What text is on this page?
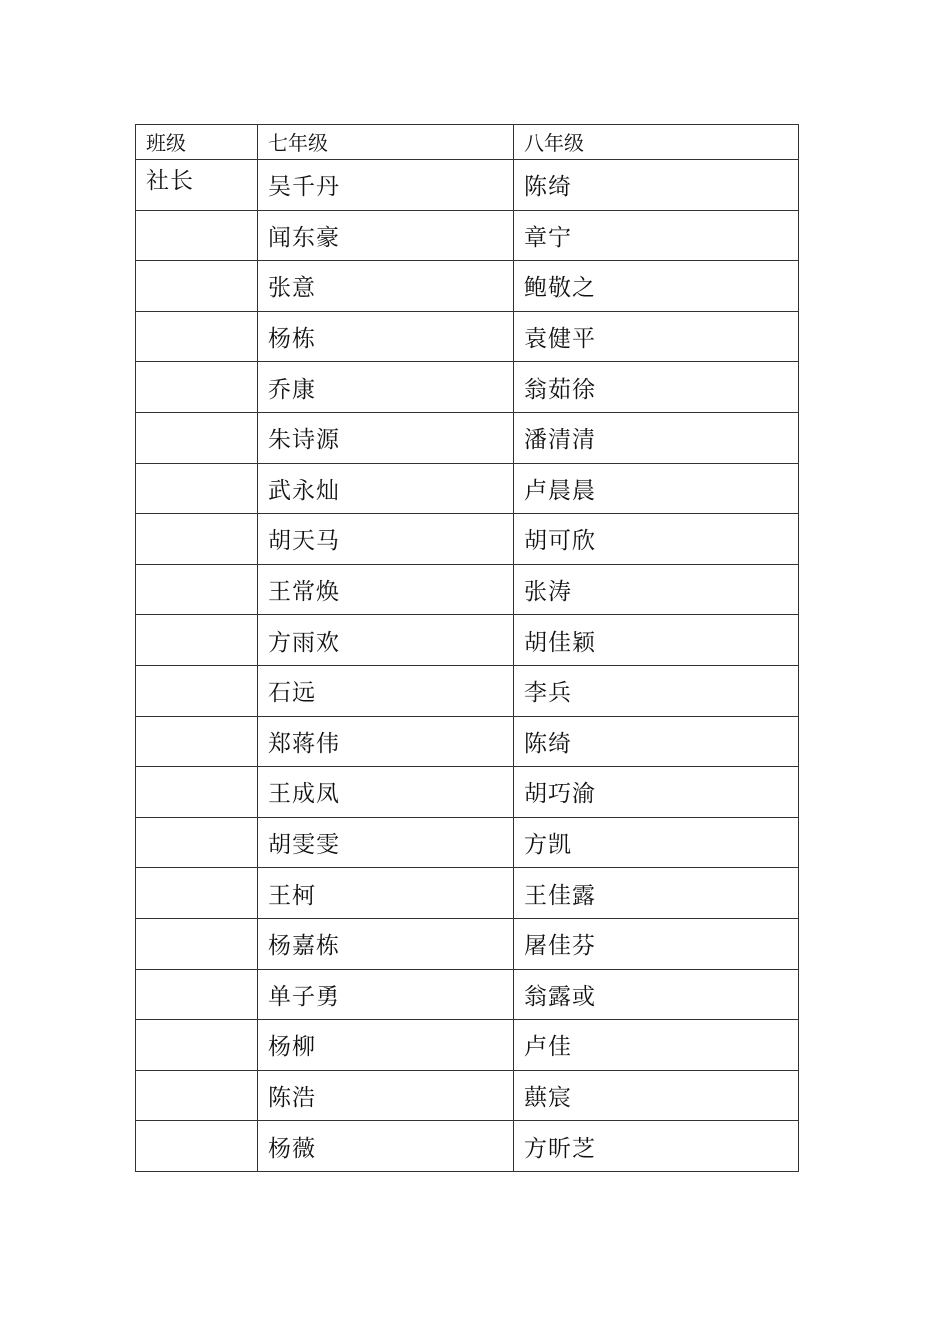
班级	七年级	八年级
社长	吴千丹	陈绮
	闻东豪	章宁
	张意	鲍敬之
	杨栋	袁健平
	乔康	翁茹徐
	朱诗源	潘清清
	武永灿	卢晨晨
	胡天马	胡可欣
	王常焕	张涛
	方雨欢	胡佳颖
	石远	李兵
	郑蒋伟	陈绮
	王成凤	胡巧渝
	胡雯雯	方凯
	王柯	王佳露
	杨嘉栋	屠佳芬
	单子勇	翁露或
	杨柳	卢佳
	陈浩	蕻宸
	杨薇	方昕芝
